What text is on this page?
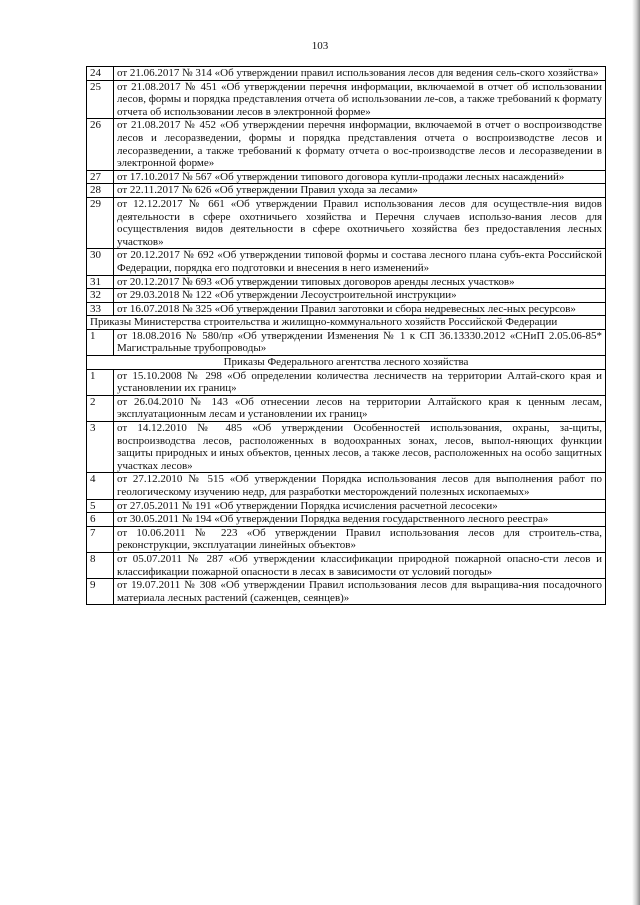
103
24	от 21.06.2017 № 314 «Об утверждении правил использования лесов для ведения сель-ского хозяйства»
25	от 21.08.2017 № 451 «Об утверждении перечня информации, включаемой в отчет об использовании лесов, формы и порядка представления отчета об использовании ле-сов, а также требований к формату отчета об использовании лесов в электронной форме»
26	от 21.08.2017 № 452 «Об утверждении перечня информации, включаемой в отчет о воспроизводстве лесов и лесоразведении, формы и порядка представления отчета о воспроизводстве лесов и лесоразведении, а также требований к формату отчета о вос-производстве лесов и лесоразведении в электронной форме»
27	от 17.10.2017 № 567 «Об утверждении типового договора купли-продажи лесных насаждений»
28	от 22.11.2017 № 626 «Об утверждении Правил ухода за лесами»
29	от 12.12.2017 № 661 «Об утверждении Правил использования лесов для осуществле-ния видов деятельности в сфере охотничьего хозяйства и Перечня случаев использо-вания лесов для осуществления видов деятельности в сфере охотничьего хозяйства без предоставления лесных участков»
30	от 20.12.2017 № 692 «Об утверждении типовой формы и состава лесного плана субъ-екта Российской Федерации, порядка его подготовки и внесения в него изменений»
31	от 20.12.2017 № 693 «Об утверждении типовых договоров аренды лесных участков»
32	от 29.03.2018 № 122 «Об утверждении Лесоустроительной инструкции»
33	от 16.07.2018 № 325 «Об утверждении Правил заготовки и сбора недревесных лес-ных ресурсов»
Приказы Министерства строительства и жилищно-коммунального хозяйств Российской Федерации	
1	от 18.08.2016 № 580/пр «Об утверждении Изменения № 1 к СП 36.13330.2012 «СНиП 2.05.06-85* Магистральные трубопроводы»
Приказы Федерального агентства лесного хозяйства	
1	от 15.10.2008 № 298 «Об определении количества лесничеств на территории Алтай-ского края и установлении их границ»
2	от 26.04.2010 № 143 «Об отнесении лесов на территории Алтайского края к ценным лесам, эксплуатационным лесам и установлении их границ»
3	от 14.12.2010 № 485 «Об утверждении Особенностей использования, охраны, за-щиты, воспроизводства лесов, расположенных в водоохранных зонах, лесов, выпол-няющих функции защиты природных и иных объектов, ценных лесов, а также лесов, расположенных на особо защитных участках лесов»
4	от 27.12.2010 № 515 «Об утверждении Порядка использования лесов для выполнения работ по геологическому изучению недр, для разработки месторождений полезных ископаемых»
5	от 27.05.2011 № 191 «Об утверждении Порядка исчисления расчетной лесосеки»
6	от 30.05.2011 № 194 «Об утверждении Порядка ведения государственного лесного реестра»
7	от 10.06.2011 № 223 «Об утверждении Правил использования лесов для строитель-ства, реконструкции, эксплуатации линейных объектов»
8	от 05.07.2011 № 287 «Об утверждении классификации природной пожарной опасно-сти лесов и классификации пожарной опасности в лесах в зависимости от условий погоды»
9	от 19.07.2011 № 308 «Об утверждении Правил использования лесов для выращива-ния посадочного материала лесных растений (саженцев, сеянцев)»
